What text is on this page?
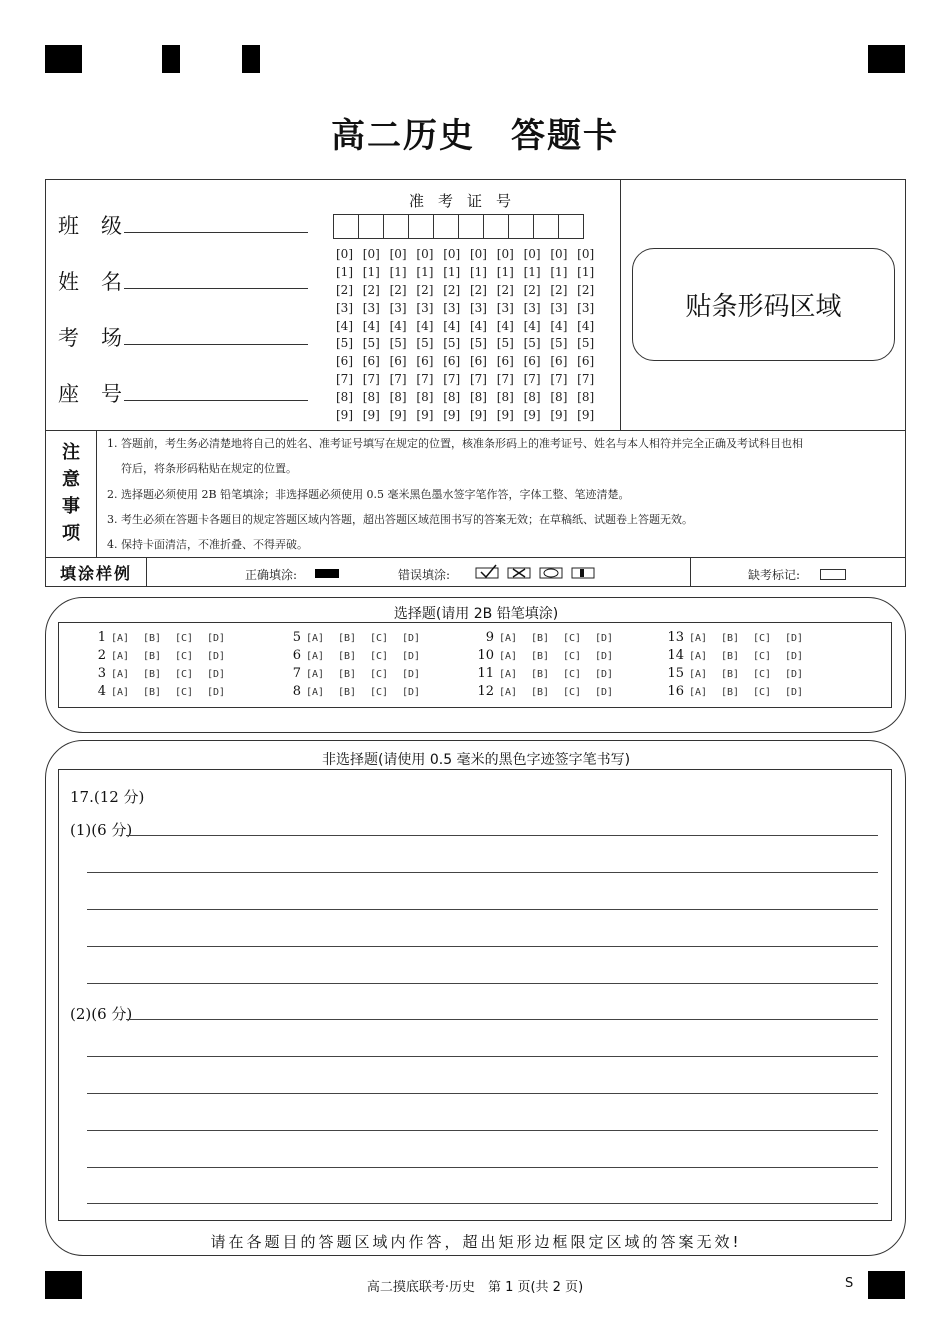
高二历史 答题卡
班级
姓名
考场
座号
准考证号
[0] [0] [0] [0] [0] [0] [0] [0] [0] [0]
[1] [1] [1] [1] [1] [1] [1] [1] [1] [1]
[2] [2] [2] [2] [2] [2] [2] [2] [2] [2]
[3] [3] [3] [3] [3] [3] [3] [3] [3] [3]
[4] [4] [4] [4] [4] [4] [4] [4] [4] [4]
[5] [5] [5] [5] [5] [5] [5] [5] [5] [5]
[6] [6] [6] [6] [6] [6] [6] [6] [6] [6]
[7] [7] [7] [7] [7] [7] [7] [7] [7] [7]
[8] [8] [8] [8] [8] [8] [8] [8] [8] [8]
[9] [9] [9] [9] [9] [9] [9] [9] [9] [9]
贴条形码区域
注
意
事
项
1. 答题前，考生务必清楚地将自己的姓名、准考证号填写在规定的位置，核准条形码上的准考证号、姓名与本人相符并完全正确及考试科目也相
符后，将条形码粘贴在规定的位置。
2. 选择题必须使用 2B 铅笔填涂；非选择题必须使用 0.5 毫米黑色墨水签字笔作答，字体工整、笔迹清楚。
3. 考生必须在答题卡各题目的规定答题区域内答题，超出答题区域范围书写的答案无效；在草稿纸、试题卷上答题无效。
4. 保持卡面清洁，不准折叠、不得弄破。
填涂样例	正确填涂:	错误填涂:	缺考标记:
选择题(请用 2B 铅笔填涂)
1 [A] [B] [C] [D]
2 [A] [B] [C] [D]
3 [A] [B] [C] [D]
4 [A] [B] [C] [D]
5 [A] [B] [C] [D]
6 [A] [B] [C] [D]
7 [A] [B] [C] [D]
8 [A] [B] [C] [D]
9 [A] [B] [C] [D]
10 [A] [B] [C] [D]
11 [A] [B] [C] [D]
12 [A] [B] [C] [D]
13 [A] [B] [C] [D]
14 [A] [B] [C] [D]
15 [A] [B] [C] [D]
16 [A] [B] [C] [D]
非选择题(请使用 0.5 毫米的黑色字迹签字笔书写)
17.(12 分)
(1)(6 分)
(2)(6 分)
请在各题目的答题区域内作答，超出矩形边框限定区域的答案无效!
高二摸底联考·历史　第 1 页(共 2 页)	S
